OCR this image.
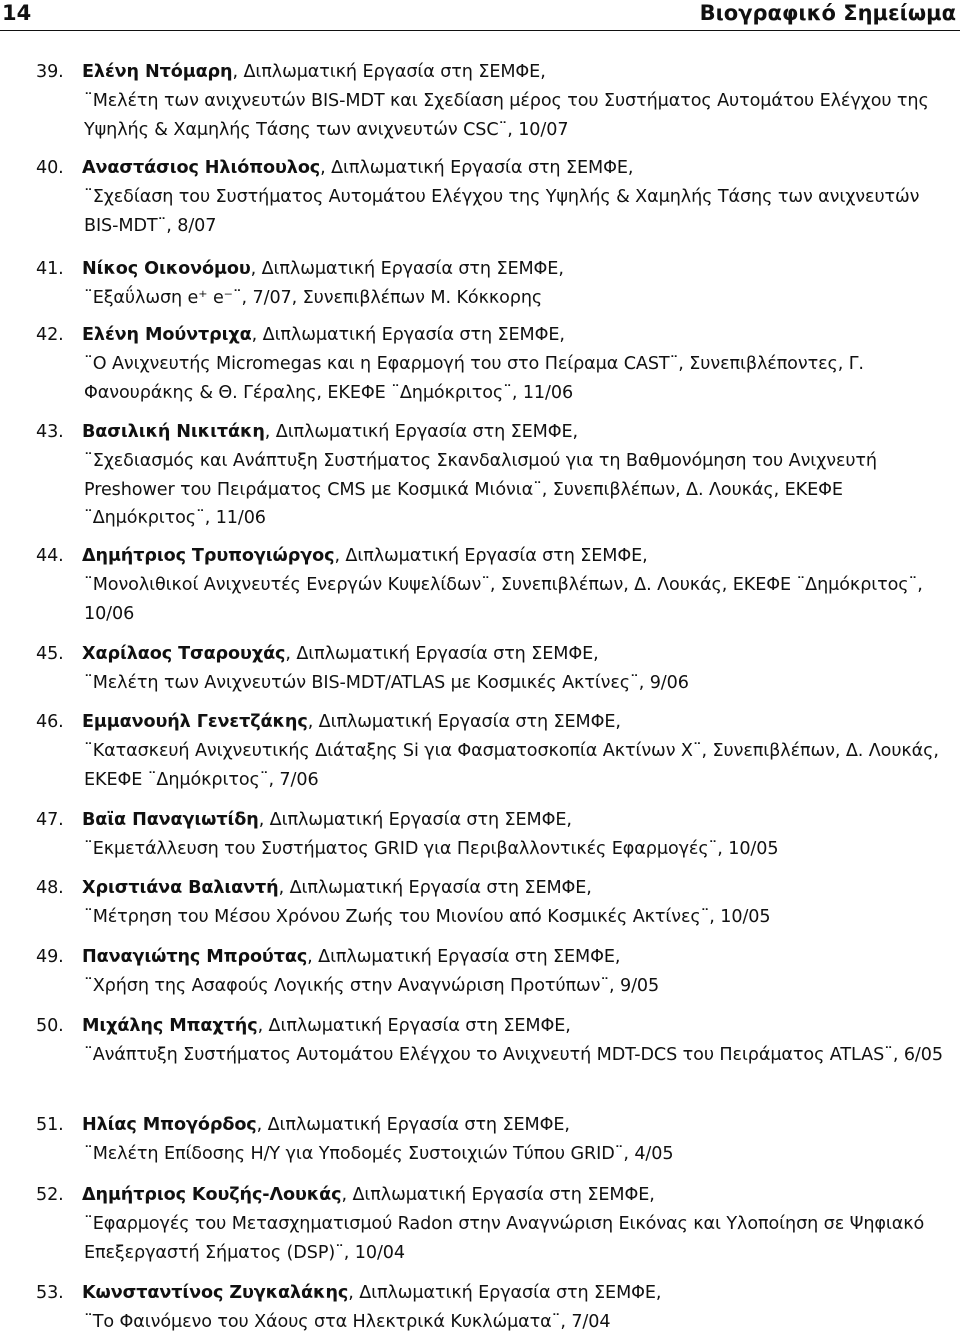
14	Βιογραφικό Σημείωμα
39.	Ελένη Ντόμαρη, Διπλωματική Εργασία στη ΣΕΜΦΕ,
¨Μελέτη των ανιχνευτών BIS-MDT και Σχεδίαση μέρος του Συστήματος Αυτομάτου Ελέγχου της Υψηλής & Χαμηλής Τάσης των ανιχνευτών CSC¨, 10/07
40.	Αναστάσιος Ηλιόπουλος, Διπλωματική Εργασία στη ΣΕΜΦΕ,
¨Σχεδίαση του Συστήματος Αυτομάτου Ελέγχου της Υψηλής & Χαμηλής Τάσης των ανιχνευτών BIS-MDT¨, 8/07
41.	Νίκος Οικονόμου, Διπλωματική Εργασία στη ΣΕΜΦΕ,
¨Εξαΰλωση e⁺ e⁻¨, 7/07, Συνεπιβλέπων Μ. Κόκκορης
42.	Ελένη Μούντριχα, Διπλωματική Εργασία στη ΣΕΜΦΕ,
¨Ο Ανιχνευτής Micromegas και η Εφαρμογή του στο Πείραμα CAST¨, Συνεπιβλέποντες, Γ. Φανουράκης & Θ. Γέραλης, ΕΚΕΦΕ ¨Δημόκριτος¨, 11/06
43.	Βασιλική Νικιτάκη, Διπλωματική Εργασία στη ΣΕΜΦΕ,
¨Σχεδιασμός και Ανάπτυξη Συστήματος Σκανδαλισμού για τη Βαθμονόμηση του Ανιχνευτή Preshower του Πειράματος CMS με Κοσμικά Μιόνια¨, Συνεπιβλέπων, Δ. Λουκάς, ΕΚΕΦΕ ¨Δημόκριτος¨, 11/06
44.	Δημήτριος Τρυπογιώργος, Διπλωματική Εργασία στη ΣΕΜΦΕ,
¨Μονολιθικοί Ανιχνευτές Ενεργών Κυψελίδων¨, Συνεπιβλέπων, Δ. Λουκάς, ΕΚΕΦΕ ¨Δημόκριτος¨, 10/06
45.	Χαρίλαος Τσαρουχάς, Διπλωματική Εργασία στη ΣΕΜΦΕ,
¨Μελέτη των Ανιχνευτών BIS-MDT/ATLAS με Κοσμικές Ακτίνες¨, 9/06
46.	Εμμανουήλ Γενετζάκης, Διπλωματική Εργασία στη ΣΕΜΦΕ,
¨Κατασκευή Ανιχνευτικής Διάταξης Si για Φασματοσκοπία Ακτίνων Χ¨, Συνεπιβλέπων, Δ. Λουκάς, ΕΚΕΦΕ ¨Δημόκριτος¨, 7/06
47.	Βαϊα Παναγιωτίδη, Διπλωματική Εργασία στη ΣΕΜΦΕ,
¨Εκμετάλλευση του Συστήματος GRID για Περιβαλλοντικές Εφαρμογές¨, 10/05
48.	Χριστιάνα Βαλιαντή, Διπλωματική Εργασία στη ΣΕΜΦΕ,
¨Μέτρηση του Μέσου Χρόνου Ζωής του Μιονίου από Κοσμικές Ακτίνες¨, 10/05
49.	Παναγιώτης Μπρούτας, Διπλωματική Εργασία στη ΣΕΜΦΕ,
¨Χρήση της Ασαφούς Λογικής στην Αναγνώριση Προτύπων¨, 9/05
50.	Μιχάλης Μπαχτής, Διπλωματική Εργασία στη ΣΕΜΦΕ,
¨Ανάπτυξη Συστήματος Αυτομάτου Ελέγχου το Ανιχνευτή MDT-DCS του Πειράματος ATLAS¨, 6/05
51.	Ηλίας Μπογόρδος, Διπλωματική Εργασία στη ΣΕΜΦΕ,
¨Μελέτη Επίδοσης Η/Υ για Υποδομές Συστοιχιών Τύπου GRID¨, 4/05
52.	Δημήτριος Κουζής-Λουκάς, Διπλωματική Εργασία στη ΣΕΜΦΕ,
¨Εφαρμογές του Μετασχηματισμού Radon στην Αναγνώριση Εικόνας και Υλοποίηση σε Ψηφιακό Επεξεργαστή Σήματος (DSP)¨, 10/04
53.	Κωνσταντίνος Ζυγκαλάκης, Διπλωματική Εργασία στη ΣΕΜΦΕ,
¨Το Φαινόμενο του Χάους στα Ηλεκτρικά Κυκλώματα¨, 7/04
